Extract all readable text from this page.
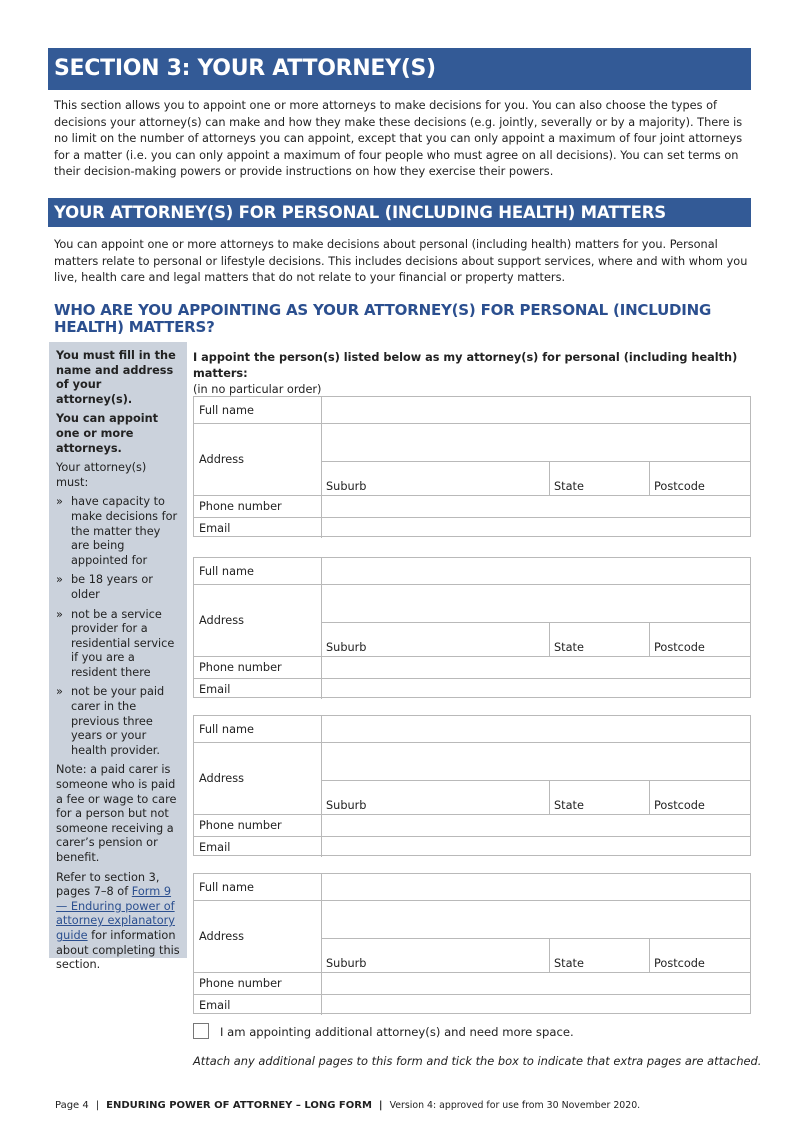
SECTION 3: YOUR ATTORNEY(S)
This section allows you to appoint one or more attorneys to make decisions for you. You can also choose the types of decisions your attorney(s) can make and how they make these decisions (e.g. jointly, severally or by a majority). There is no limit on the number of attorneys you can appoint, except that you can only appoint a maximum of four joint attorneys for a matter (i.e. you can only appoint a maximum of four people who must agree on all decisions). You can set terms on their decision-making powers or provide instructions on how they exercise their powers.
YOUR ATTORNEY(S) FOR PERSONAL (INCLUDING HEALTH) MATTERS
You can appoint one or more attorneys to make decisions about personal (including health) matters for you. Personal matters relate to personal or lifestyle decisions. This includes decisions about support services, where and with whom you live, health care and legal matters that do not relate to your financial or property matters.
WHO ARE YOU APPOINTING AS YOUR ATTORNEY(S) FOR PERSONAL (INCLUDING HEALTH) MATTERS?

You must fill in the name and address of your attorney(s).

You can appoint one or more attorneys.

Your attorney(s) must:

» have capacity to make decisions for the matter they are being appointed for
» be 18 years or older
» not be a service provider for a residential service if you are a resident there
» not be your paid carer in the previous three years or your health provider.

Note: a paid carer is someone who is paid a fee or wage to care for a person but not someone receiving a carer’s pension or benefit.

Refer to section 3, pages 7–8 of Form 9 — Enduring power of attorney explanatory guide for information about completing this section.

I appoint the person(s) listed below as my attorney(s) for personal (including health) matters:
(in no particular order)
Full name
Address
Suburb	State	Postcode
Phone number
Email
Full name
Address
Suburb	State	Postcode
Phone number
Email
Full name
Address
Suburb	State	Postcode
Phone number
Email
Full name
Address
Suburb	State	Postcode
Phone number
Email
I am appointing additional attorney(s) and need more space.
Attach any additional pages to this form and tick the box to indicate that extra pages are attached.
Page 4 | ENDURING POWER OF ATTORNEY – LONG FORM | Version 4: approved for use from 30 November 2020.
